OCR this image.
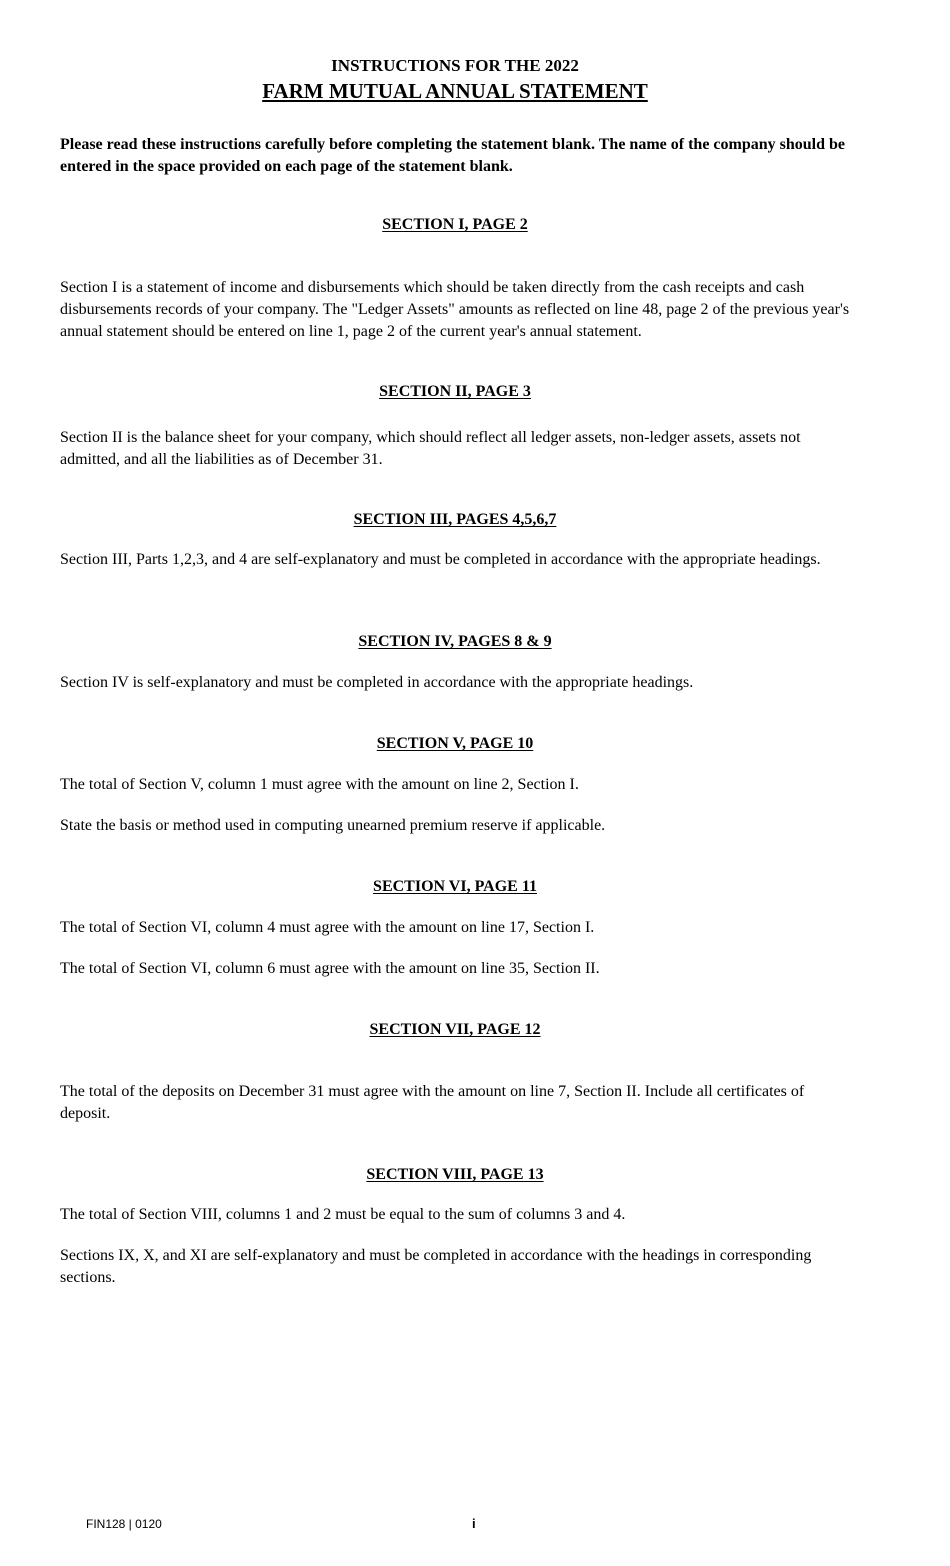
INSTRUCTIONS FOR THE 2022
FARM MUTUAL ANNUAL STATEMENT
Please read these instructions carefully before completing the statement blank. The name of the company should be entered in the space provided on each page of the statement blank.
SECTION I, PAGE 2
Section I is a statement of income and disbursements which should be taken directly from the cash receipts and cash disbursements records of your company. The "Ledger Assets" amounts as reflected on line 48, page 2 of the previous year's annual statement should be entered on line 1, page 2 of the current year's annual statement.
SECTION II, PAGE 3
Section II is the balance sheet for your company, which should reflect all ledger assets, non-ledger assets, assets not admitted, and all the liabilities as of December 31.
SECTION III, PAGES 4,5,6,7
Section III, Parts 1,2,3, and 4 are self-explanatory and must be completed in accordance with the appropriate headings.
SECTION IV, PAGES 8 & 9
Section IV is self-explanatory and must be completed in accordance with the appropriate headings.
SECTION V, PAGE 10
The total of Section V, column 1 must agree with the amount on line 2, Section I.
State the basis or method used in computing unearned premium reserve if applicable.
SECTION VI, PAGE 11
The total of Section VI, column 4 must agree with the amount on line 17, Section I.
The total of Section VI, column 6 must agree with the amount on line 35, Section II.
SECTION VII, PAGE 12
The total of the deposits on December 31 must agree with the amount on line 7, Section II. Include all certificates of deposit.
SECTION VIII, PAGE 13
The total of Section VIII, columns 1 and 2 must be equal to the sum of columns 3 and 4.
Sections IX, X, and XI are self-explanatory and must be completed in accordance with the headings in corresponding sections.
FIN128 | 0120	i
